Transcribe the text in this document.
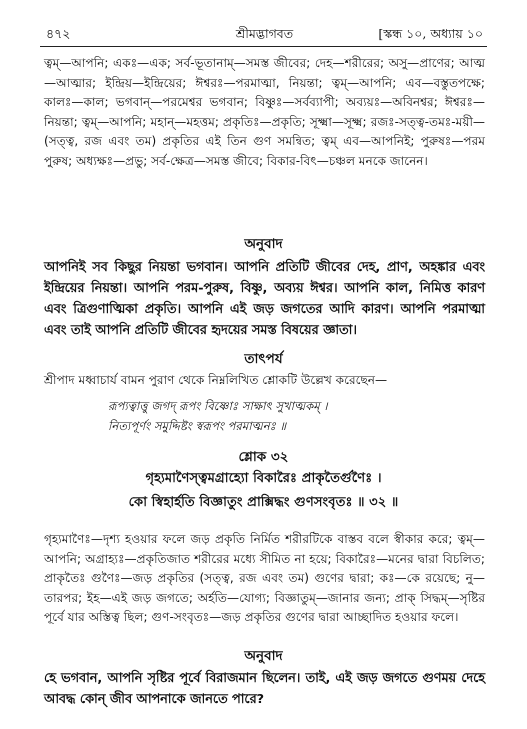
৪৭২	শ্রীমদ্ভাগবত	[স্কন্ধ ১০, অধ্যায় ১০

ত্বম্—আপনি; একঃ—এক; সর্ব-ভূতানাম্—সমস্ত জীবের; দেহ—শরীরের; অসু—প্রাণের; আত্ম—আত্মার; ইন্দ্রিয়—ইন্দ্রিয়ের; ঈশ্বরঃ—পরমাত্মা, নিয়ন্তা; ত্বম্—আপনি; এব—বস্তুতপক্ষে; কালঃ—কাল; ভগবান্—পরমেশ্বর ভগবান; বিষ্ণুঃ—সর্বব্যাপী; অব্যয়ঃ—অবিনশ্বর; ঈশ্বরঃ—নিয়ন্তা; ত্বম্—আপনি; মহান্—মহত্তম; প্রকৃতিঃ—প্রকৃতি; সূক্ষ্মা—সূক্ষ্ম; রজঃ-সত্ত্ব-তমঃ-ময়ী—(সত্ত্ব, রজ এবং তম) প্রকৃতির এই তিন গুণ সমন্বিত; ত্বম্ এব—আপনিই; পুরুষঃ—পরম পুরুষ; অধ্যক্ষঃ—প্রভু; সর্ব-ক্ষেত্র—সমস্ত জীবে; বিকার-বিৎ—চঞ্চল মনকে জানেন।

অনুবাদ

আপনিই সব কিছুর নিয়ন্তা ভগবান। আপনি প্রতিটি জীবের দেহ, প্রাণ, অহঙ্কার এবং ইন্দ্রিয়ের নিয়ন্তা। আপনি পরম-পুরুষ, বিষ্ণু, অব্যয় ঈশ্বর। আপনি কাল, নিমিত্ত কারণ এবং ত্রিগুণাত্মিকা প্রকৃতি। আপনি এই জড় জগতের আদি কারণ। আপনি পরমাত্মা এবং তাই আপনি প্রতিটি জীবের হৃদয়ের সমস্ত বিষয়ের জ্ঞাতা।

তাৎপর্য

শ্রীপাদ মধ্বাচার্য বামন পুরাণ থেকে নিম্নলিখিত শ্লোকটি উল্লেখ করেছেন—

রূপ্যত্বাত্তু জগদ্ রূপং বিষ্ণোঃ সাক্ষাৎ সুখাত্মকম্ ।
নিত্যপূর্ণং সমুদ্দিষ্টং স্বরূপং পরমাত্মনঃ ॥
শ্লোক ৩২
গৃহ্যমাণৈস্ত্বমগ্রাহ্যো বিকারৈঃ প্রাকৃতৈর্গুণৈঃ ।
কো স্বিহার্হতি বিজ্ঞাতুং প্রাক্সিদ্ধং গুণসংবৃতঃ ॥ ৩২ ॥

গৃহ্যমাণৈঃ—দৃশ্য হওয়ার ফলে জড় প্রকৃতি নির্মিত শরীরটিকে বাস্তব বলে স্বীকার করে; ত্বম্—আপনি; অগ্রাহ্যঃ—প্রকৃতিজাত শরীরের মধ্যে সীমিত না হয়ে; বিকারৈঃ—মনের দ্বারা বিচলিত; প্রাকৃতৈঃ গুণৈঃ—জড় প্রকৃতির (সত্ত্ব, রজ এবং তম) গুণের দ্বারা; কঃ—কে রয়েছে; নু—তারপর; ইহ—এই জড় জগতে; অর্হতি—যোগ্য; বিজ্ঞাতুম্—জানার জন্য; প্রাক্ সিদ্ধম্—সৃষ্টির পূর্বে যার অস্তিত্ব ছিল; গুণ-সংবৃতঃ—জড় প্রকৃতির গুণের দ্বারা আচ্ছাদিত হওয়ার ফলে।

অনুবাদ

হে ভগবান, আপনি সৃষ্টির পূর্বে বিরাজমান ছিলেন। তাই, এই জড় জগতে গুণময় দেহে আবদ্ধ কোন্ জীব আপনাকে জানতে পারে?
